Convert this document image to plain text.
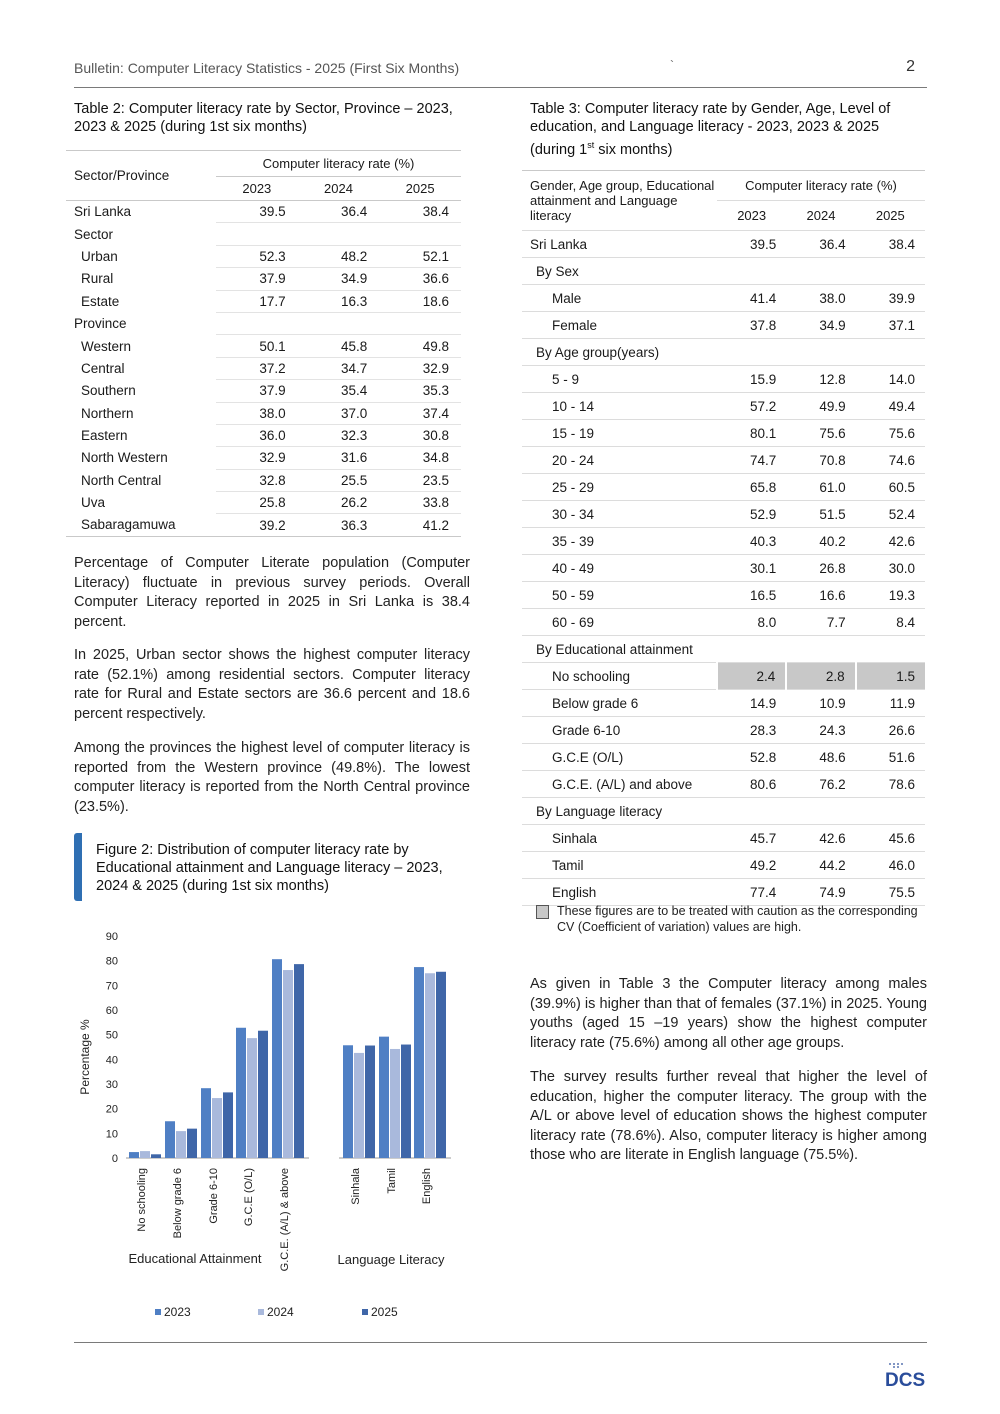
Bulletin: Computer Literacy Statistics - 2025 (First Six Months)	`	2
Table 2: Computer literacy rate by Sector, Province – 2023, 2023 & 2025 (during 1st six months)
Sector/Province	Computer literacy rate (%)		
	2023	2024	2025
Sri Lanka	39.5	36.4	38.4
Sector			
Urban	52.3	48.2	52.1
Rural	37.9	34.9	36.6
Estate	17.7	16.3	18.6
Province			
Western	50.1	45.8	49.8
Central	37.2	34.7	32.9
Southern	37.9	35.4	35.3
Northern	38.0	37.0	37.4
Eastern	36.0	32.3	30.8
North Western	32.9	31.6	34.8
North Central	32.8	25.5	23.5
Uva	25.8	26.2	33.8
Sabaragamuwa	39.2	36.3	41.2

Percentage of Computer Literate population (Computer Literacy) fluctuate in previous survey periods. Overall Computer Literacy reported in 2025 in Sri Lanka is 38.4 percent.

In 2025, Urban sector shows the highest computer literacy rate (52.1%) among residential sectors. Computer literacy rate for Rural and Estate sectors are 36.6 percent and 18.6 percent respectively.

Among the provinces the highest level of computer literacy is reported from the Western province (49.8%). The lowest computer literacy is reported from the North Central province (23.5%).

Figure 2: Distribution of computer literacy rate by Educational attainment and Language literacy – 2023, 2024 & 2025 (during 1st six months)
0
10
20
30
40
50
60
70
80
90
Percentage %
No schooling Below grade 6 Grade 6-10 G.C.E (O/L) G.C.E. (A/L) & above	Sinhala Tamil English
Educational Attainment	Language Literacy
2023	2024	2025
Table 3: Computer literacy rate by Gender, Age, Level of education, and Language literacy - 2023, 2023 & 2025 (during 1st six months)
Gender, Age group, Educational attainment and Language literacy	Computer literacy rate (%)		
	2023	2024	2025
Sri Lanka	39.5	36.4	38.4
By Sex			
Male	41.4	38.0	39.9
Female	37.8	34.9	37.1
By Age group(years)			
5 - 9	15.9	12.8	14.0
10 - 14	57.2	49.9	49.4
15 - 19	80.1	75.6	75.6
20 - 24	74.7	70.8	74.6
25 - 29	65.8	61.0	60.5
30 - 34	52.9	51.5	52.4
35 - 39	40.3	40.2	42.6
40 - 49	30.1	26.8	30.0
50 - 59	16.5	16.6	19.3
60 - 69	8.0	7.7	8.4
By Educational attainment			
No schooling	2.4	2.8	1.5
Below grade 6	14.9	10.9	11.9
Grade 6-10	28.3	24.3	26.6
G.C.E (O/L)	52.8	48.6	51.6
G.C.E. (A/L) and above	80.6	76.2	78.6
By Language literacy			
Sinhala	45.7	42.6	45.6
Tamil	49.2	44.2	46.0
English	77.4	74.9	75.5
These figures are to be treated with caution as the corresponding CV (Coefficient of variation) values are high.

As given in Table 3 the Computer literacy among males (39.9%) is higher than that of females (37.1%) in 2025. Young youths (aged 15 –19 years) show the highest computer literacy rate (75.6%) among all other age groups.

The survey results further reveal that higher the level of education, higher the computer literacy. The group with the A/L or above level of education shows the highest computer literacy rate (78.6%). Also, computer literacy is higher among those who are literate in English language (75.5%).

DCS
